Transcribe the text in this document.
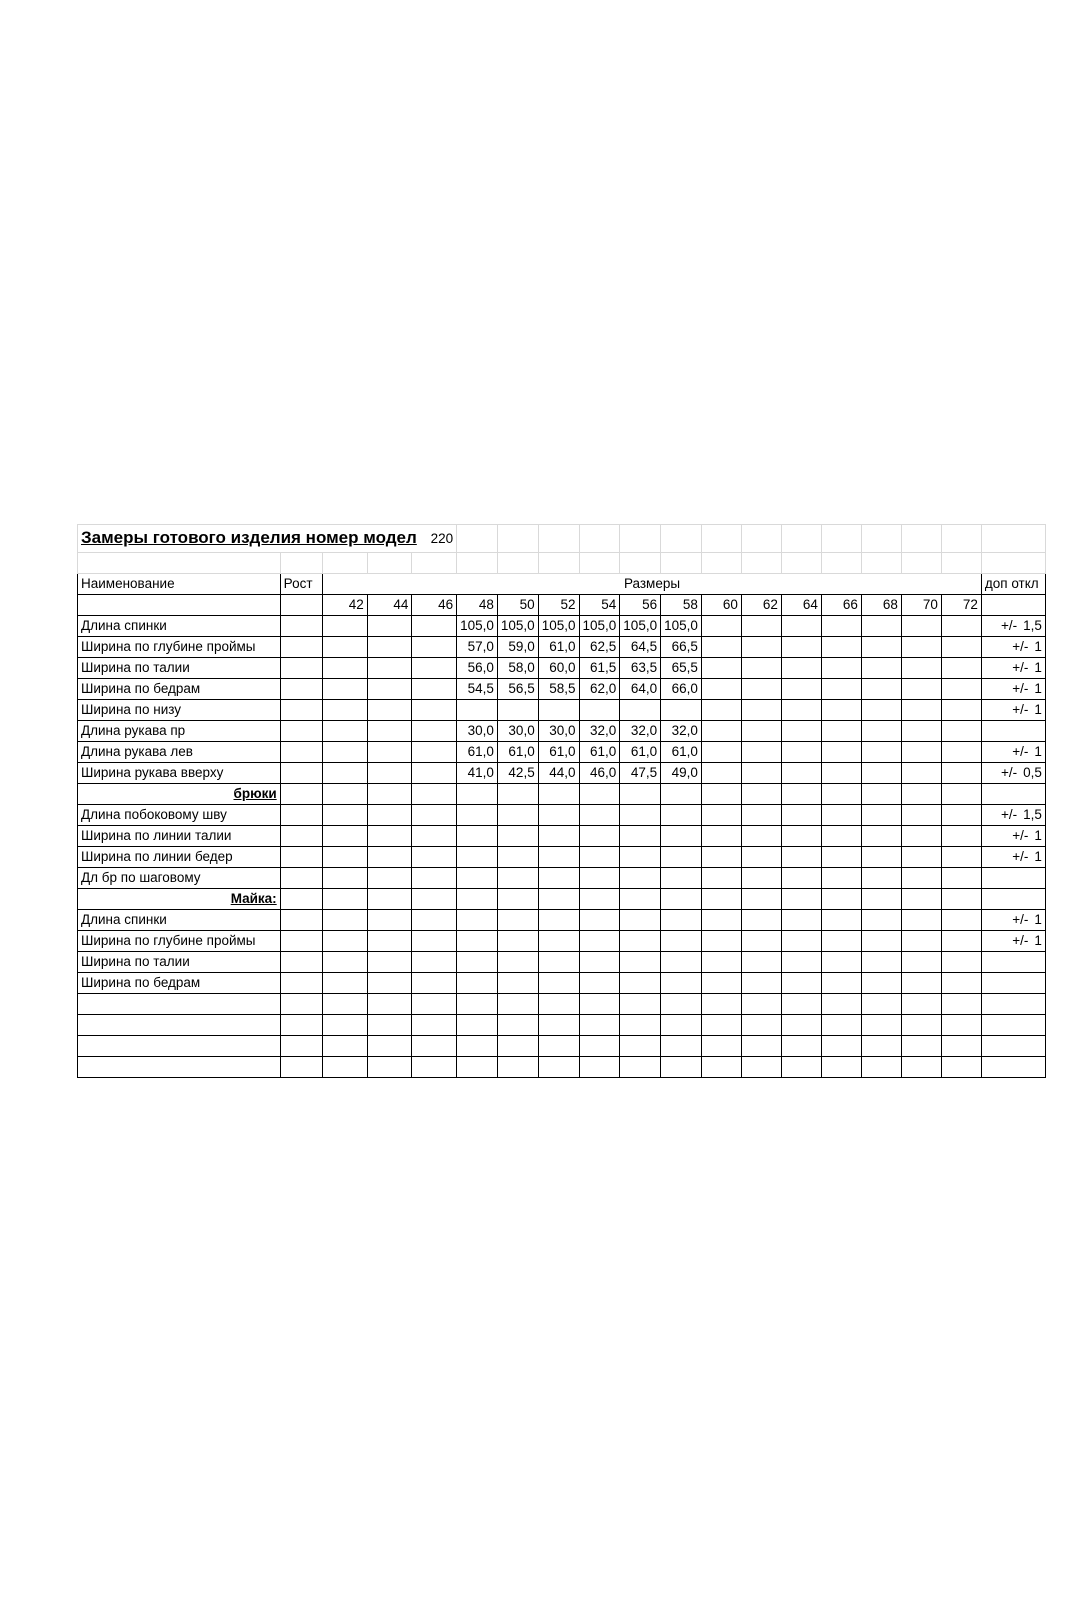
Замеры готового изделия номер модел 220																		

Наименование	Рост	Размеры																доп откл
		42	44	46	48	50	52	54	56	58	60	62	64	66	68	70	72	
Длина спинки					105,0	105,0	105,0	105,0	105,0	105,0								+/- 1,5
Ширина по глубине проймы					57,0	59,0	61,0	62,5	64,5	66,5								+/- 1
Ширина по талии					56,0	58,0	60,0	61,5	63,5	65,5								+/- 1
Ширина по бедрам					54,5	56,5	58,5	62,0	64,0	66,0								+/- 1
Ширина по низу																		+/- 1
Длина рукава пр					30,0	30,0	30,0	32,0	32,0	32,0								
Длина рукава лев					61,0	61,0	61,0	61,0	61,0	61,0								+/- 1
Ширина рукава вверху					41,0	42,5	44,0	46,0	47,5	49,0								+/- 0,5
брюки																		
Длина побоковому шву																		+/- 1,5
Ширина по линии талии																		+/- 1
Ширина по линии бедер																		+/- 1
Дл бр по шаговому																		
Майка:																		
Длина спинки																		+/- 1
Ширина по глубине проймы																		+/- 1
Ширина по талии																		
Ширина по бедрам																		
